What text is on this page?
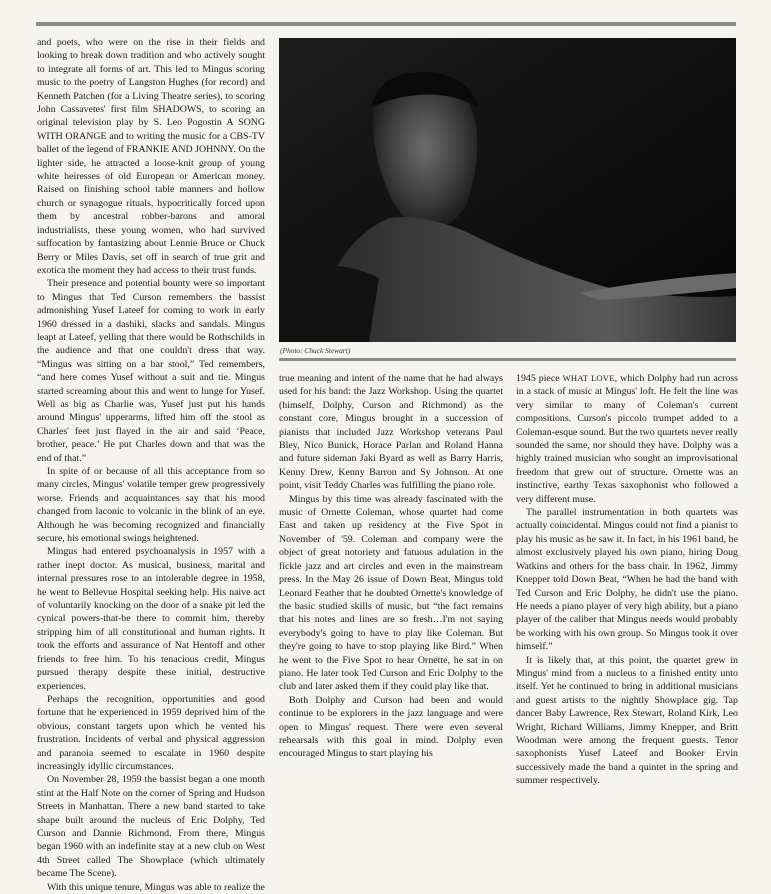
(Photo: Chuck Stewart)

and poets, who were on the rise in their fields and looking to break down tradition and who actively sought to integrate all forms of art. This led to Mingus scoring music to the poetry of Langston Hughes (for record) and Kenneth Patchen (for a Living Theatre series), to scoring John Cassavetes' first film SHADOWS, to scoring an original television play by S. Leo Pogostin A SONG WITH ORANGE and to writing the music for a CBS-TV ballet of the legend of FRANKIE AND JOHNNY. On the lighter side, he attracted a loose-knit group of young white heiresses of old European or American money. Raised on finishing school table manners and hollow church or synagogue rituals, hypocritically forced upon them by ancestral robber-barons and amoral industrialists, these young women, who had survived suffocation by fantasizing about Lennie Bruce or Chuck Berry or Miles Davis, set off in search of true grit and exotica the moment they had access to their trust funds.

Their presence and potential bounty were so important to Mingus that Ted Curson remembers the bassist admonishing Yusef Lateef for coming to work in early 1960 dressed in a dashiki, slacks and sandals. Mingus leapt at Lateef, yelling that there would be Rothschilds in the audience and that one couldn't dress that way. “Mingus was sitting on a bar stool,” Ted remembers, “and here comes Yusef without a suit and tie. Mingus started screaming about this and went to lunge for Yusef. Well as big as Charlie was, Yusef just put his hands around Mingus' upperarms, lifted him off the stool as Charles' feet just flayed in the air and said ‘Peace, brother, peace.’ He put Charles down and that was the end of that.”

In spite of or because of all this acceptance from so many circles, Mingus' volatile temper grew progressively worse. Friends and acquaintances say that his mood changed from laconic to volcanic in the blink of an eye. Although he was becoming recognized and financially secure, his emotional swings heightened.

Mingus had entered psychoanalysis in 1957 with a rather inept doctor. As musical, business, marital and internal pressures rose to an intolerable degree in 1958, he went to Bellevue Hospital seeking help. His naive act of voluntarily knocking on the door of a snake pit led the cynical powers-that-be there to commit him, thereby stripping him of all constitutional and human rights. It took the efforts and assurance of Nat Hentoff and other friends to free him. To his tenacious credit, Mingus pursued therapy despite these initial, destructive experiences.

Perhaps the recognition, opportunities and good fortune that he experienced in 1959 deprived him of the obvious, constant targets upon which he vented his frustration. Incidents of verbal and physical aggression and paranoia seemed to escalate in 1960 despite increasingly idyllic circumstances.

On November 28, 1959 the bassist began a one month stint at the Half Note on the corner of Spring and Hudson Streets in Manhattan. There a new band started to take shape built around the nucleus of Eric Dolphy, Ted Curson and Dannie Richmond. From there, Mingus began 1960 with an indefinite stay at a new club on West 4th Street called The Showplace (which ultimately became The Scene).

With this unique tenure, Mingus was able to realize the

true meaning and intent of the name that he had always used for his band: the Jazz Workshop. Using the quartet (himself, Dolphy, Curson and Richmond) as the constant core, Mingus brought in a succession of pianists that included Jazz Workshop veterans Paul Bley, Nico Bunick, Horace Parlan and Roland Hanna and future sideman Jaki Byard as well as Barry Harris, Kenny Drew, Kenny Barron and Sy Johnson. At one point, visit Teddy Charles was fulfilling the piano role.

Mingus by this time was already fascinated with the music of Ornette Coleman, whose quartet had come East and taken up residency at the Five Spot in November of '59. Coleman and company were the object of great notoriety and fatuous adulation in the fickle jazz and art circles and even in the mainstream press. In the May 26 issue of Down Beat, Mingus told Leonard Feather that he doubted Ornette's knowledge of the basic studied skills of music, but “the fact remains that his notes and lines are so fresh…I'm not saying everybody's going to have to play like Coleman. But they're going to have to stop playing like Bird.” When he went to the Five Spot to hear Ornette, he sat in on piano. He later took Ted Curson and Eric Dolphy to the club and later asked them if they could play like that.

Both Dolphy and Curson had been and would continue to be explorers in the jazz language and were open to Mingus' request. There were even several rehearsals with this goal in mind. Dolphy even encouraged Mingus to start playing his

1945 piece WHAT LOVE, which Dolphy had run across in a stack of music at Mingus' loft. He felt the line was very similar to many of Coleman's current compositions. Curson's piccolo trumpet added to a Coleman-esque sound. But the two quartets never really sounded the same, nor should they have. Dolphy was a highly trained musician who sought an improvisational freedom that grew out of structure. Ornette was an instinctive, earthy Texas saxophonist who followed a very different muse.

The parallel instrumentation in both quartets was actually coincidental. Mingus could not find a pianist to play his music as he saw it. In fact, in his 1961 band, he almost exclusively played his own piano, hiring Doug Watkins and others for the bass chair. In 1962, Jimmy Knepper told Down Beat, “When he had the band with Ted Curson and Eric Dolphy, he didn't use the piano. He needs a piano player of very high ability, but a piano player of the caliber that Mingus needs would probably be working with his own group. So Mingus took it over himself.”

It is likely that, at this point, the quartet grew in Mingus' mind from a nucleus to a finished entity unto itself. Yet he continued to bring in additional musicians and guest artists to the nightly Showplace gig. Tap dancer Baby Lawrence, Rex Stewart, Roland Kirk, Leo Wright, Richard Williams, Jimmy Knepper, and Britt Woodman were among the frequent guests. Tenor saxophonists Yusef Lateef and Booker Ervin successively made the band a quintet in the spring and summer respectively.
